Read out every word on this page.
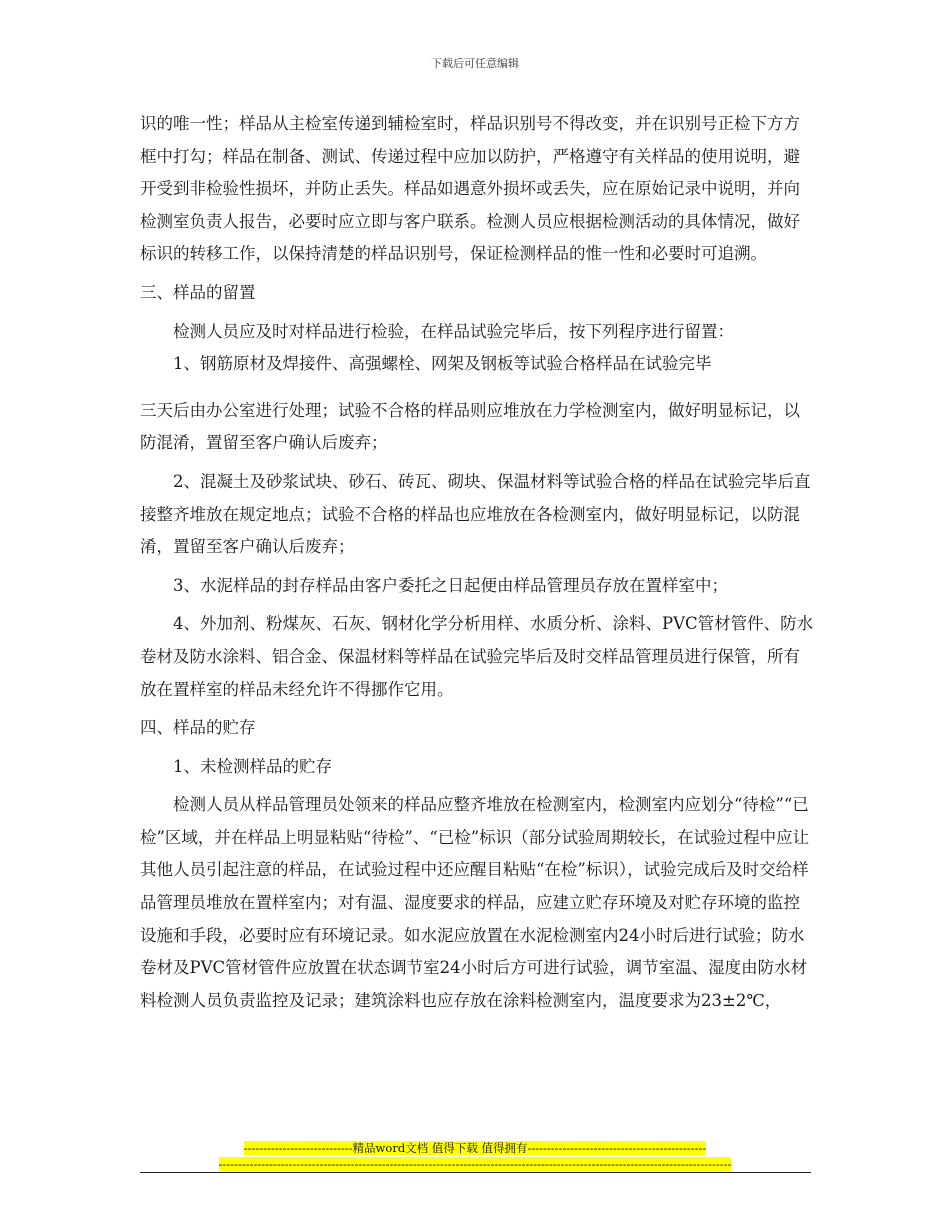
下载后可任意编辑

识的唯一性；样品从主检室传递到辅检室时，样品识别号不得改变，并在识别号正检下方方框中打勾；样品在制备、测试、传递过程中应加以防护，严格遵守有关样品的使用说明，避开受到非检验性损坏，并防止丢失。样品如遇意外损坏或丢失，应在原始记录中说明，并向检测室负责人报告，必要时应立即与客户联系。检测人员应根据检测活动的具体情况，做好标识的转移工作，以保持清楚的样品识别号，保证检测样品的惟一性和必要时可追溯。

三、样品的留置

检测人员应及时对样品进行检验，在样品试验完毕后，按下列程序进行留置：

1、钢筋原材及焊接件、高强螺栓、网架及钢板等试验合格样品在试验完毕

三天后由办公室进行处理；试验不合格的样品则应堆放在力学检测室内，做好明显标记，以防混淆，置留至客户确认后废弃；

2、混凝土及砂浆试块、砂石、砖瓦、砌块、保温材料等试验合格的样品在试验完毕后直接整齐堆放在规定地点；试验不合格的样品也应堆放在各检测室内，做好明显标记，以防混淆，置留至客户确认后废弃；

3、水泥样品的封存样品由客户委托之日起便由样品管理员存放在置样室中；

4、外加剂、粉煤灰、石灰、钢材化学分析用样、水质分析、涂料、PVC管材管件、防水卷材及防水涂料、铝合金、保温材料等样品在试验完毕后及时交样品管理员进行保管，所有放在置样室的样品未经允许不得挪作它用。

四、样品的贮存

1、未检测样品的贮存

检测人员从样品管理员处领来的样品应整齐堆放在检测室内，检测室内应划分“待检”“已检”区域，并在样品上明显粘贴“待检”、“已检”标识（部分试验周期较长，在试验过程中应让其他人员引起注意的样品，在试验过程中还应醒目粘贴“在检”标识），试验完成后及时交给样品管理员堆放在置样室内；对有温、湿度要求的样品，应建立贮存环境及对贮存环境的监控设施和手段，必要时应有环境记录。如水泥应放置在水泥检测室内24小时后进行试验；防水卷材及PVC管材管件应放置在状态调节室24小时后方可进行试验，调节室温、湿度由防水材料检测人员负责监控及记录；建筑涂料也应存放在涂料检测室内，温度要求为23±2℃，

----------------------------精品word文档 值得下载 值得拥有----------------------------------------------
------------------------------------------------------------------------------------------------------------------------------------
